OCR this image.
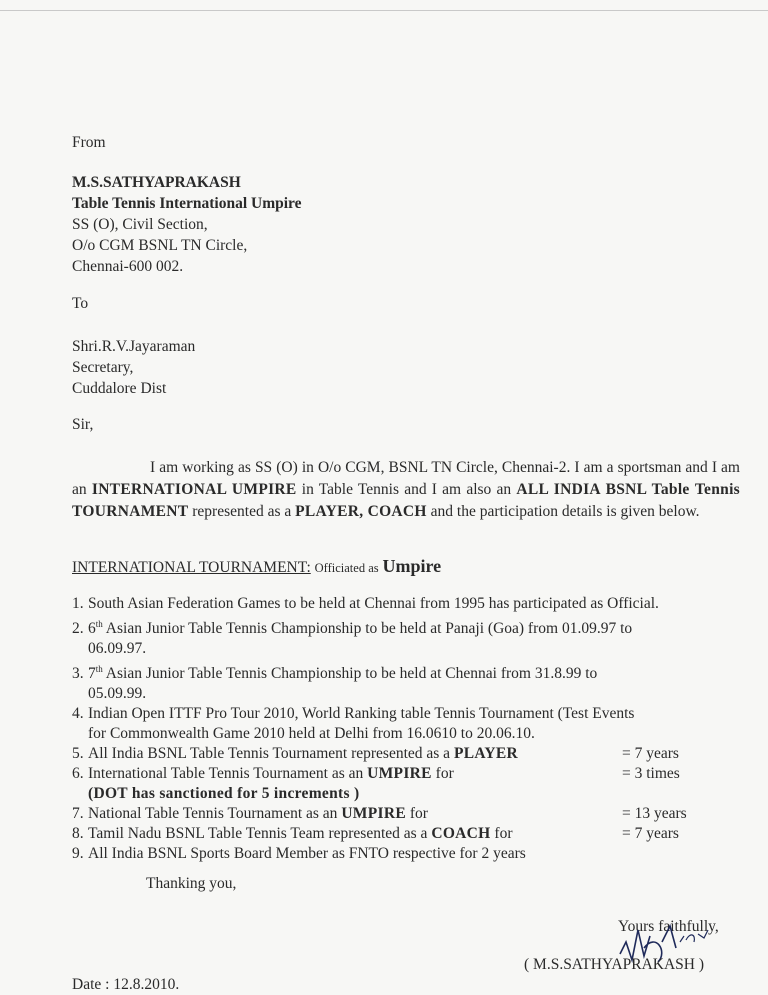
From
M.S.SATHYAPRAKASH
Table Tennis International Umpire
SS (O), Civil Section,
O/o CGM BSNL TN Circle,
Chennai-600 002.
To
Shri.R.V.Jayaraman
Secretary,
Cuddalore Dist
Sir,
I am working as SS (O) in O/o CGM, BSNL TN Circle, Chennai-2. I am a sportsman and I am an INTERNATIONAL UMPIRE in Table Tennis and I am also an ALL INDIA BSNL Table Tennis TOURNAMENT represented as a PLAYER, COACH and the participation details is given below.
INTERNATIONAL TOURNAMENT: Officiated as Umpire
1. South Asian Federation Games to be held at Chennai from 1995 has participated as Official.
2. 6th Asian Junior Table Tennis Championship to be held at Panaji (Goa) from 01.09.97 to
06.09.97.
3. 7th Asian Junior Table Tennis Championship to be held at Chennai from 31.8.99 to
05.09.99.
4. Indian Open ITTF Pro Tour 2010, World Ranking table Tennis Tournament (Test Events
for Commonwealth Game 2010 held at Delhi from 16.0610 to 20.06.10.
5. All India BSNL Table Tennis Tournament represented as a PLAYER	= 7 years
6. International Table Tennis Tournament as an UMPIRE for	= 3 times
(DOT has sanctioned for 5 increments )
7. National Table Tennis Tournament as an UMPIRE for	= 13 years
8. Tamil Nadu BSNL Table Tennis Team represented as a COACH for	= 7 years
9. All India BSNL Sports Board Member as FNTO respective for 2 years
Thanking you,
Yours faithfully,
( M.S.SATHYAPRAKASH )
Date : 12.8.2010.
